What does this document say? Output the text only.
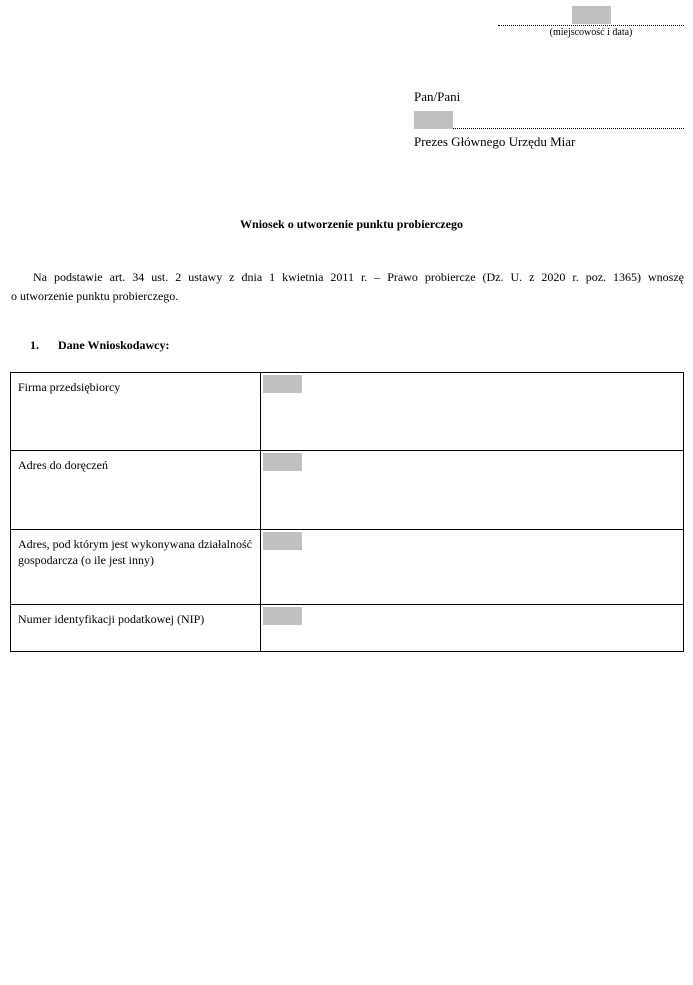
(miejscowość i data)
Pan/Pani
Prezes Głównego Urzędu Miar
Wniosek o utworzenie punktu probierczego
Na podstawie art. 34 ust. 2 ustawy z dnia 1 kwietnia 2011 r. – Prawo probiercze (Dz. U. z 2020 r. poz. 1365) wnoszę
o utworzenie punktu probierczego.
1. Dane Wnioskodawcy:
Firma przedsiębiorcy	
Adres do doręczeń	
Adres, pod którym jest wykonywana działalność gospodarcza (o ile jest inny)	
Numer identyfikacji podatkowej (NIP)	
